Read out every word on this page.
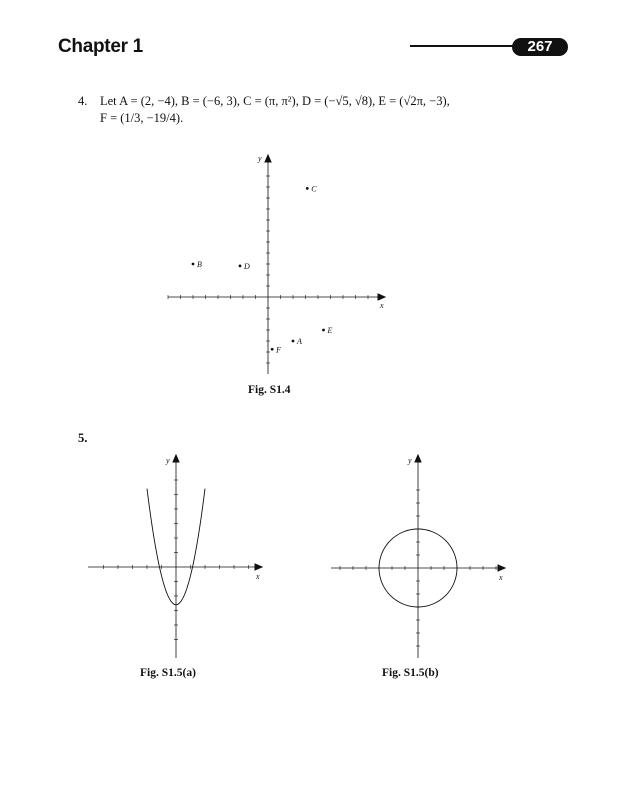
Chapter 1	267
4. Let A = (2, −4), B = (−6, 3), C = (π, π²), D = (−√5, √8), E = (√2π, −3),
F = (1/3, −19/4).
x
y
A
B
C
D
E
F
Fig. S1.4
5.
x
y
x
y
Fig. S1.5(a)	Fig. S1.5(b)
